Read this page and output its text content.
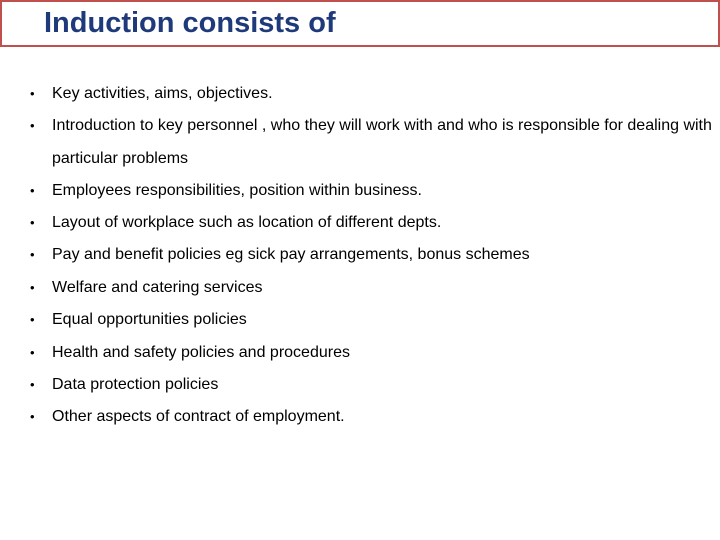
Induction consists of
• Key activities, aims, objectives.
• Introduction to key personnel , who they will work with and who is responsible for dealing with particular problems
• Employees responsibilities, position within business.
• Layout of workplace such as location of different depts.
• Pay and benefit policies eg sick pay arrangements, bonus schemes
• Welfare and catering services
• Equal opportunities policies
• Health and safety policies and procedures
• Data protection policies
• Other aspects of contract of employment.
